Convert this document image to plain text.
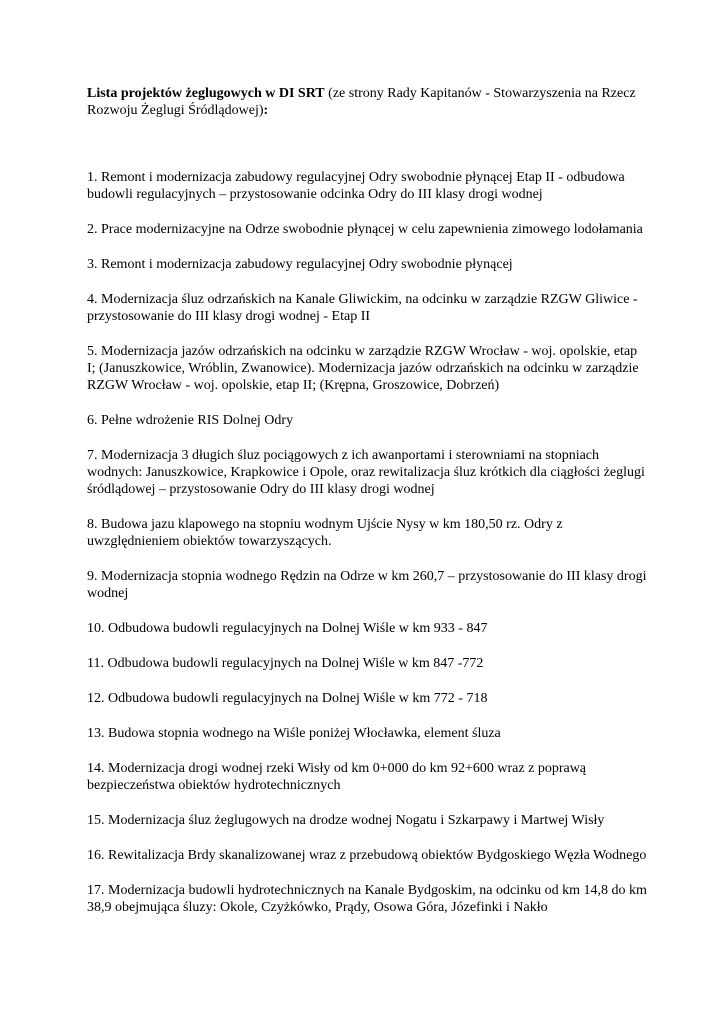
Lista projektów żeglugowych w DI SRT (ze strony Rady Kapitanów - Stowarzyszenia na Rzecz Rozwoju Żeglugi Śródlądowej):

1. Remont i modernizacja zabudowy regulacyjnej Odry swobodnie płynącej Etap II - odbudowa budowli regulacyjnych – przystosowanie odcinka Odry do III klasy drogi wodnej
2. Prace modernizacyjne na Odrze swobodnie płynącej w celu zapewnienia zimowego lodołamania
3. Remont i modernizacja zabudowy regulacyjnej Odry swobodnie płynącej
4. Modernizacja śluz odrzańskich na Kanale Gliwickim, na odcinku w zarządzie RZGW Gliwice - przystosowanie do III klasy drogi wodnej - Etap II
5. Modernizacja jazów odrzańskich na odcinku w zarządzie RZGW Wrocław - woj. opolskie, etap I; (Januszkowice, Wróblin, Zwanowice). Modernizacja jazów odrzańskich na odcinku w zarządzie RZGW Wrocław - woj. opolskie, etap II; (Krępna, Groszowice, Dobrzeń)
6. Pełne wdrożenie RIS Dolnej Odry
7. Modernizacja 3 długich śluz pociągowych z ich awanportami i sterowniami na stopniach wodnych: Januszkowice, Krapkowice i Opole, oraz rewitalizacja śluz krótkich dla ciągłości żeglugi śródlądowej – przystosowanie Odry do III klasy drogi wodnej
8. Budowa jazu klapowego na stopniu wodnym Ujście Nysy w km 180,50 rz. Odry z uwzględnieniem obiektów towarzyszących.
9. Modernizacja stopnia wodnego Rędzin na Odrze w km 260,7 – przystosowanie do III klasy drogi wodnej
10. Odbudowa budowli regulacyjnych na Dolnej Wiśle w km 933 - 847
11. Odbudowa budowli regulacyjnych na Dolnej Wiśle w km 847 -772
12. Odbudowa budowli regulacyjnych na Dolnej Wiśle w km 772 - 718
13. Budowa stopnia wodnego na Wiśle poniżej Włocławka, element śluza
14. Modernizacja drogi wodnej rzeki Wisły od km 0+000 do km 92+600 wraz z poprawą bezpieczeństwa obiektów hydrotechnicznych
15. Modernizacja śluz żeglugowych na drodze wodnej Nogatu i Szkarpawy i Martwej Wisły
16. Rewitalizacja Brdy skanalizowanej wraz z przebudową obiektów Bydgoskiego Węzła Wodnego
17. Modernizacja budowli hydrotechnicznych na Kanale Bydgoskim, na odcinku od km 14,8 do km 38,9 obejmująca śluzy: Okole, Czyżkówko, Prądy, Osowa Góra, Józefinki i Nakło
